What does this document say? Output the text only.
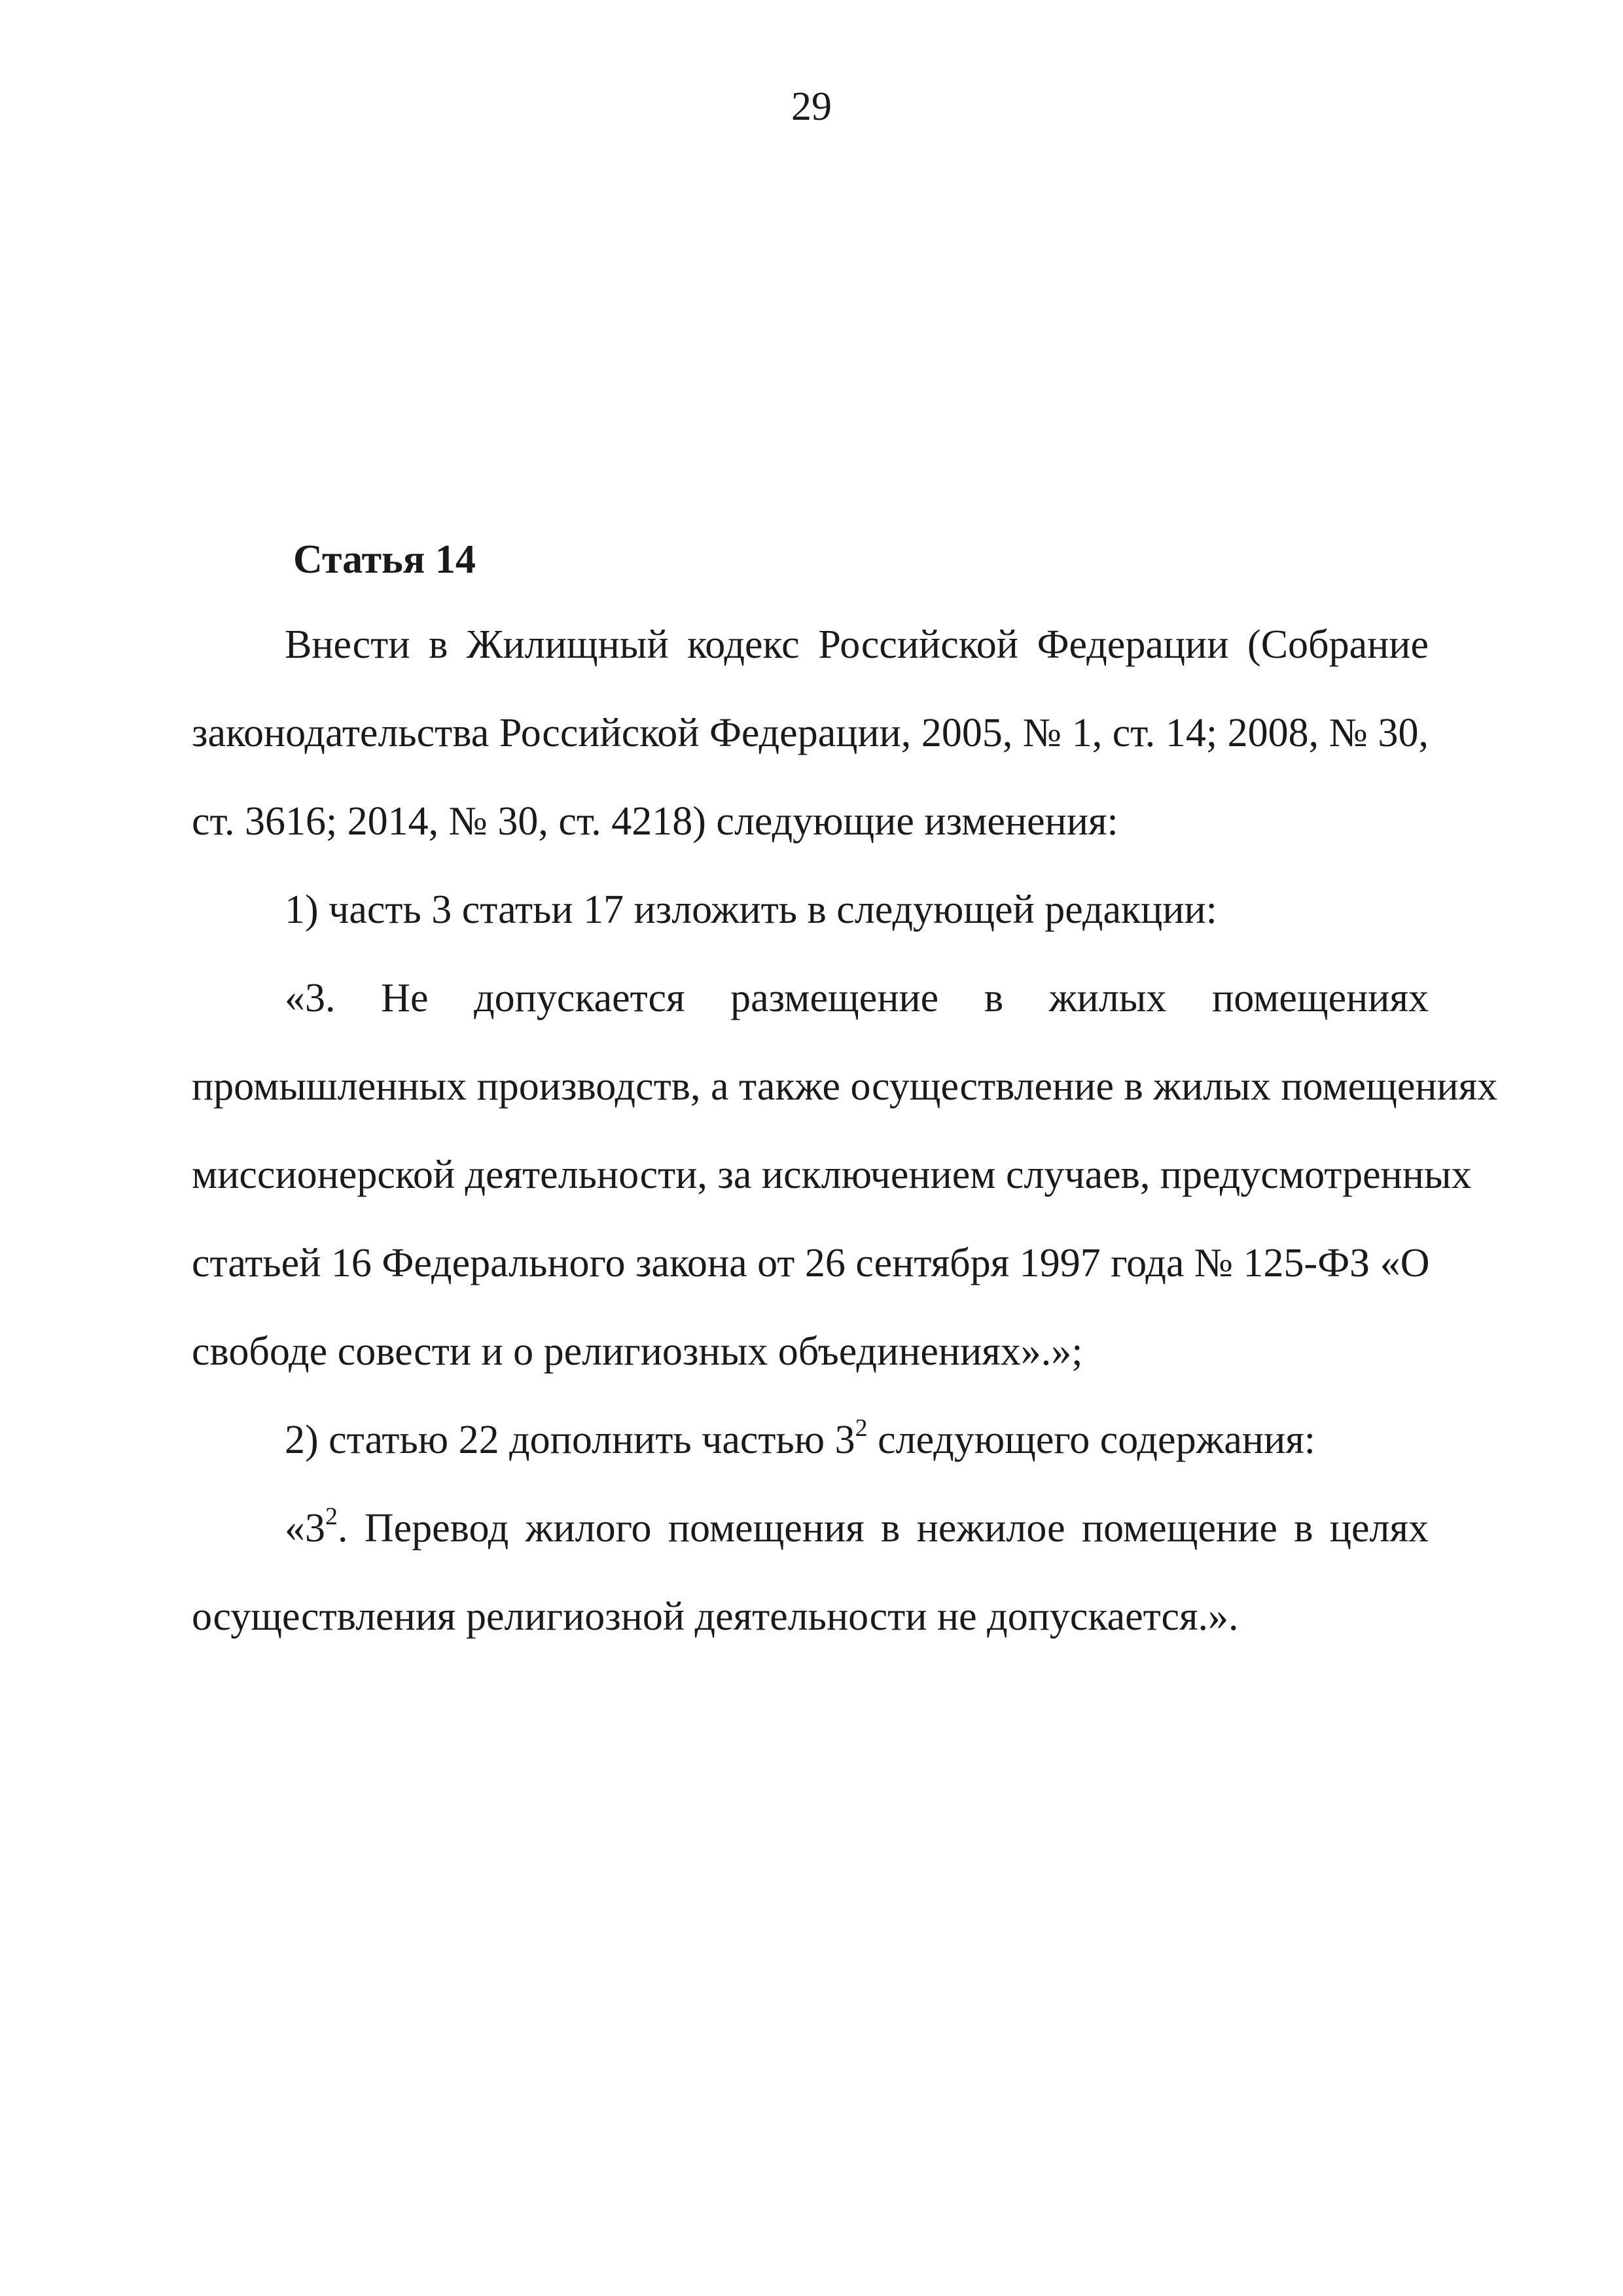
29
Статья 14
Внести в Жилищный кодекс Российской Федерации (Собрание
законодательства Российской Федерации, 2005, № 1, ст. 14; 2008, № 30,
ст. 3616; 2014, № 30, ст. 4218) следующие изменения:
1) часть 3 статьи 17 изложить в следующей редакции:
«3. Не допускается размещение в жилых помещениях
промышленных производств, а также осуществление в жилых помещениях
миссионерской деятельности, за исключением случаев, предусмотренных
статьей 16 Федерального закона от 26 сентября 1997 года № 125-ФЗ «О
свободе совести и о религиозных объединениях».»;
2) статью 22 дополнить частью $3^2$ следующего содержания:
«$3^2$. Перевод жилого помещения в нежилое помещение в целях
осуществления религиозной деятельности не допускается.».
